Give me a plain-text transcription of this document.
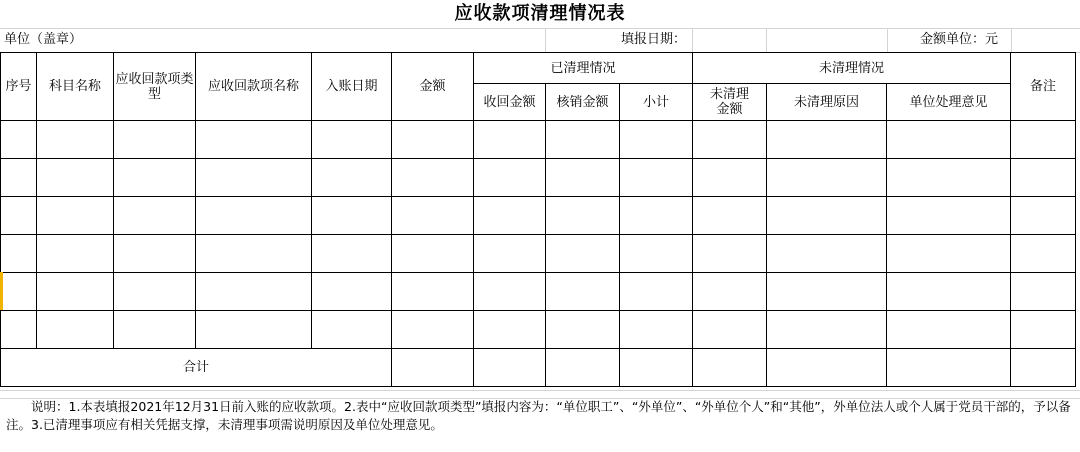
应收款项清理情况表
单位（盖章）	填报日期：	金额单位：元
序号	科目名称	应收回款项类型	应收回款项名称	入账日期	金额	已清理情况			未清理情况			备注
						收回金额	核销金额	小计	未清理金额	未清理原因	单位处理意见	

合计												
说明：1.本表填报2021年12月31日前入账的应收款项。2.表中“应收回款项类型”填报内容为：“单位职工”、“外单位”、“外单位个人”和“其他”，外单位法人或个人属于党员干部的，予以备注。3.已清理事项应有相关凭据支撑，未清理事项需说明原因及单位处理意见。
